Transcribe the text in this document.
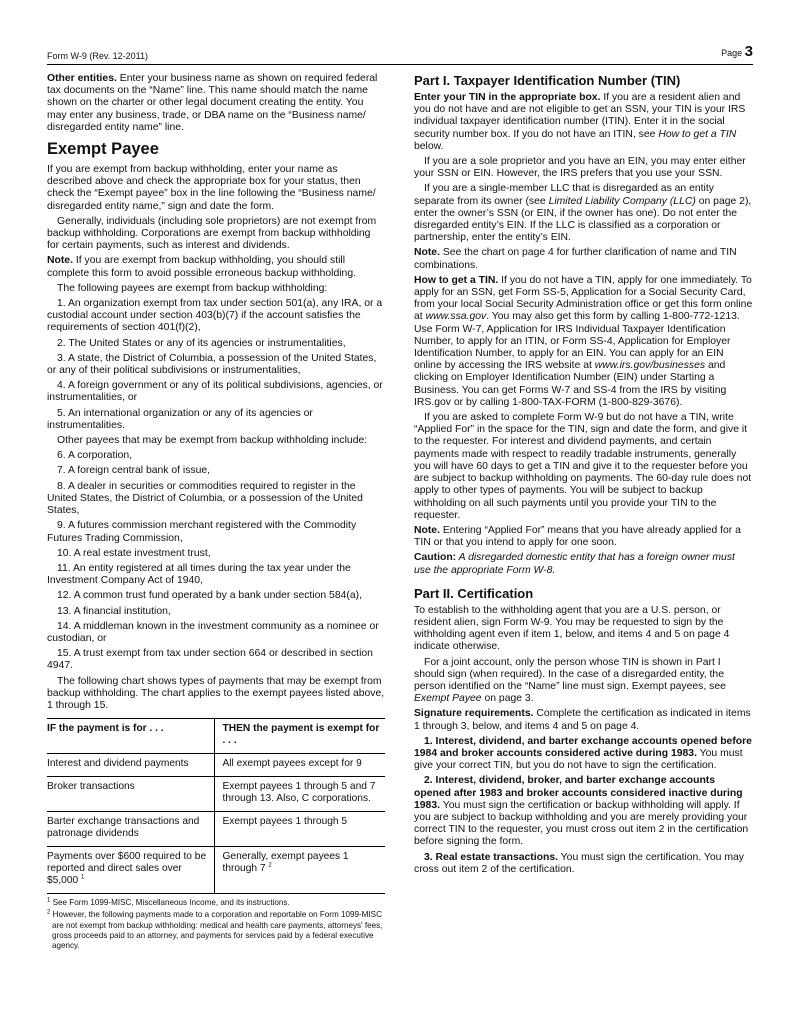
Form W-9 (Rev. 12-2011)	Page 3

Other entities. Enter your business name as shown on required federal tax documents on the “Name” line. This name should match the name shown on the charter or other legal document creating the entity. You may enter any business, trade, or DBA name on the “Business name/ disregarded entity name” line.

Exempt Payee

If you are exempt from backup withholding, enter your name as described above and check the appropriate box for your status, then check the “Exempt payee” box in the line following the “Business name/ disregarded entity name,” sign and date the form.

Generally, individuals (including sole proprietors) are not exempt from backup withholding. Corporations are exempt from backup withholding for certain payments, such as interest and dividends.

Note. If you are exempt from backup withholding, you should still complete this form to avoid possible erroneous backup withholding.

The following payees are exempt from backup withholding:

1. An organization exempt from tax under section 501(a), any IRA, or a custodial account under section 403(b)(7) if the account satisfies the requirements of section 401(f)(2),

2. The United States or any of its agencies or instrumentalities,

3. A state, the District of Columbia, a possession of the United States, or any of their political subdivisions or instrumentalities,

4. A foreign government or any of its political subdivisions, agencies, or instrumentalities, or

5. An international organization or any of its agencies or instrumentalities.

Other payees that may be exempt from backup withholding include:

6. A corporation,

7. A foreign central bank of issue,

8. A dealer in securities or commodities required to register in the United States, the District of Columbia, or a possession of the United States,

9. A futures commission merchant registered with the Commodity Futures Trading Commission,

10. A real estate investment trust,

11. An entity registered at all times during the tax year under the Investment Company Act of 1940,

12. A common trust fund operated by a bank under section 584(a),

13. A financial institution,

14. A middleman known in the investment community as a nominee or custodian, or

15. A trust exempt from tax under section 664 or described in section 4947.

The following chart shows types of payments that may be exempt from backup withholding. The chart applies to the exempt payees listed above, 1 through 15.

IF the payment is for . . .	THEN the payment is exempt for . . .
Interest and dividend payments	All exempt payees except for 9
Broker transactions	Exempt payees 1 through 5 and 7 through 13. Also, C corporations.
Barter exchange transactions and patronage dividends	Exempt payees 1 through 5
Payments over $600 required to be reported and direct sales over $5,000 $^1$	Generally, exempt payees 1 through 7 $^2$

$^1$ See Form 1099-MISC, Miscellaneous Income, and its instructions.

$^2$ However, the following payments made to a corporation and reportable on Form 1099-MISC are not exempt from backup withholding: medical and health care payments, attorneys' fees, gross proceeds paid to an attorney, and payments for services paid by a federal executive agency.

Part I. Taxpayer Identification Number (TIN)

Enter your TIN in the appropriate box. If you are a resident alien and you do not have and are not eligible to get an SSN, your TIN is your IRS individual taxpayer identification number (ITIN). Enter it in the social security number box. If you do not have an ITIN, see How to get a TIN below.

If you are a sole proprietor and you have an EIN, you may enter either your SSN or EIN. However, the IRS prefers that you use your SSN.

If you are a single-member LLC that is disregarded as an entity separate from its owner (see Limited Liability Company (LLC) on page 2), enter the owner’s SSN (or EIN, if the owner has one). Do not enter the disregarded entity’s EIN. If the LLC is classified as a corporation or partnership, enter the entity’s EIN.

Note. See the chart on page 4 for further clarification of name and TIN combinations.

How to get a TIN. If you do not have a TIN, apply for one immediately. To apply for an SSN, get Form SS-5, Application for a Social Security Card, from your local Social Security Administration office or get this form online at www.ssa.gov. You may also get this form by calling 1-800-772-1213. Use Form W-7, Application for IRS Individual Taxpayer Identification Number, to apply for an ITIN, or Form SS-4, Application for Employer Identification Number, to apply for an EIN. You can apply for an EIN online by accessing the IRS website at www.irs.gov/businesses and clicking on Employer Identification Number (EIN) under Starting a Business. You can get Forms W-7 and SS-4 from the IRS by visiting IRS.gov or by calling 1-800-TAX-FORM (1-800-829-3676).

If you are asked to complete Form W-9 but do not have a TIN, write “Applied For” in the space for the TIN, sign and date the form, and give it to the requester. For interest and dividend payments, and certain payments made with respect to readily tradable instruments, generally you will have 60 days to get a TIN and give it to the requester before you are subject to backup withholding on payments. The 60-day rule does not apply to other types of payments. You will be subject to backup withholding on all such payments until you provide your TIN to the requester.

Note. Entering “Applied For” means that you have already applied for a TIN or that you intend to apply for one soon.

Caution: A disregarded domestic entity that has a foreign owner must use the appropriate Form W-8.

Part II. Certification

To establish to the withholding agent that you are a U.S. person, or resident alien, sign Form W-9. You may be requested to sign by the withholding agent even if item 1, below, and items 4 and 5 on page 4 indicate otherwise.

For a joint account, only the person whose TIN is shown in Part I should sign (when required). In the case of a disregarded entity, the person identified on the “Name” line must sign. Exempt payees, see Exempt Payee on page 3.

Signature requirements. Complete the certification as indicated in items 1 through 3, below, and items 4 and 5 on page 4.

1. Interest, dividend, and barter exchange accounts opened before 1984 and broker accounts considered active during 1983. You must give your correct TIN, but you do not have to sign the certification.

2. Interest, dividend, broker, and barter exchange accounts opened after 1983 and broker accounts considered inactive during 1983. You must sign the certification or backup withholding will apply. If you are subject to backup withholding and you are merely providing your correct TIN to the requester, you must cross out item 2 in the certification before signing the form.

3. Real estate transactions. You must sign the certification. You may cross out item 2 of the certification.
